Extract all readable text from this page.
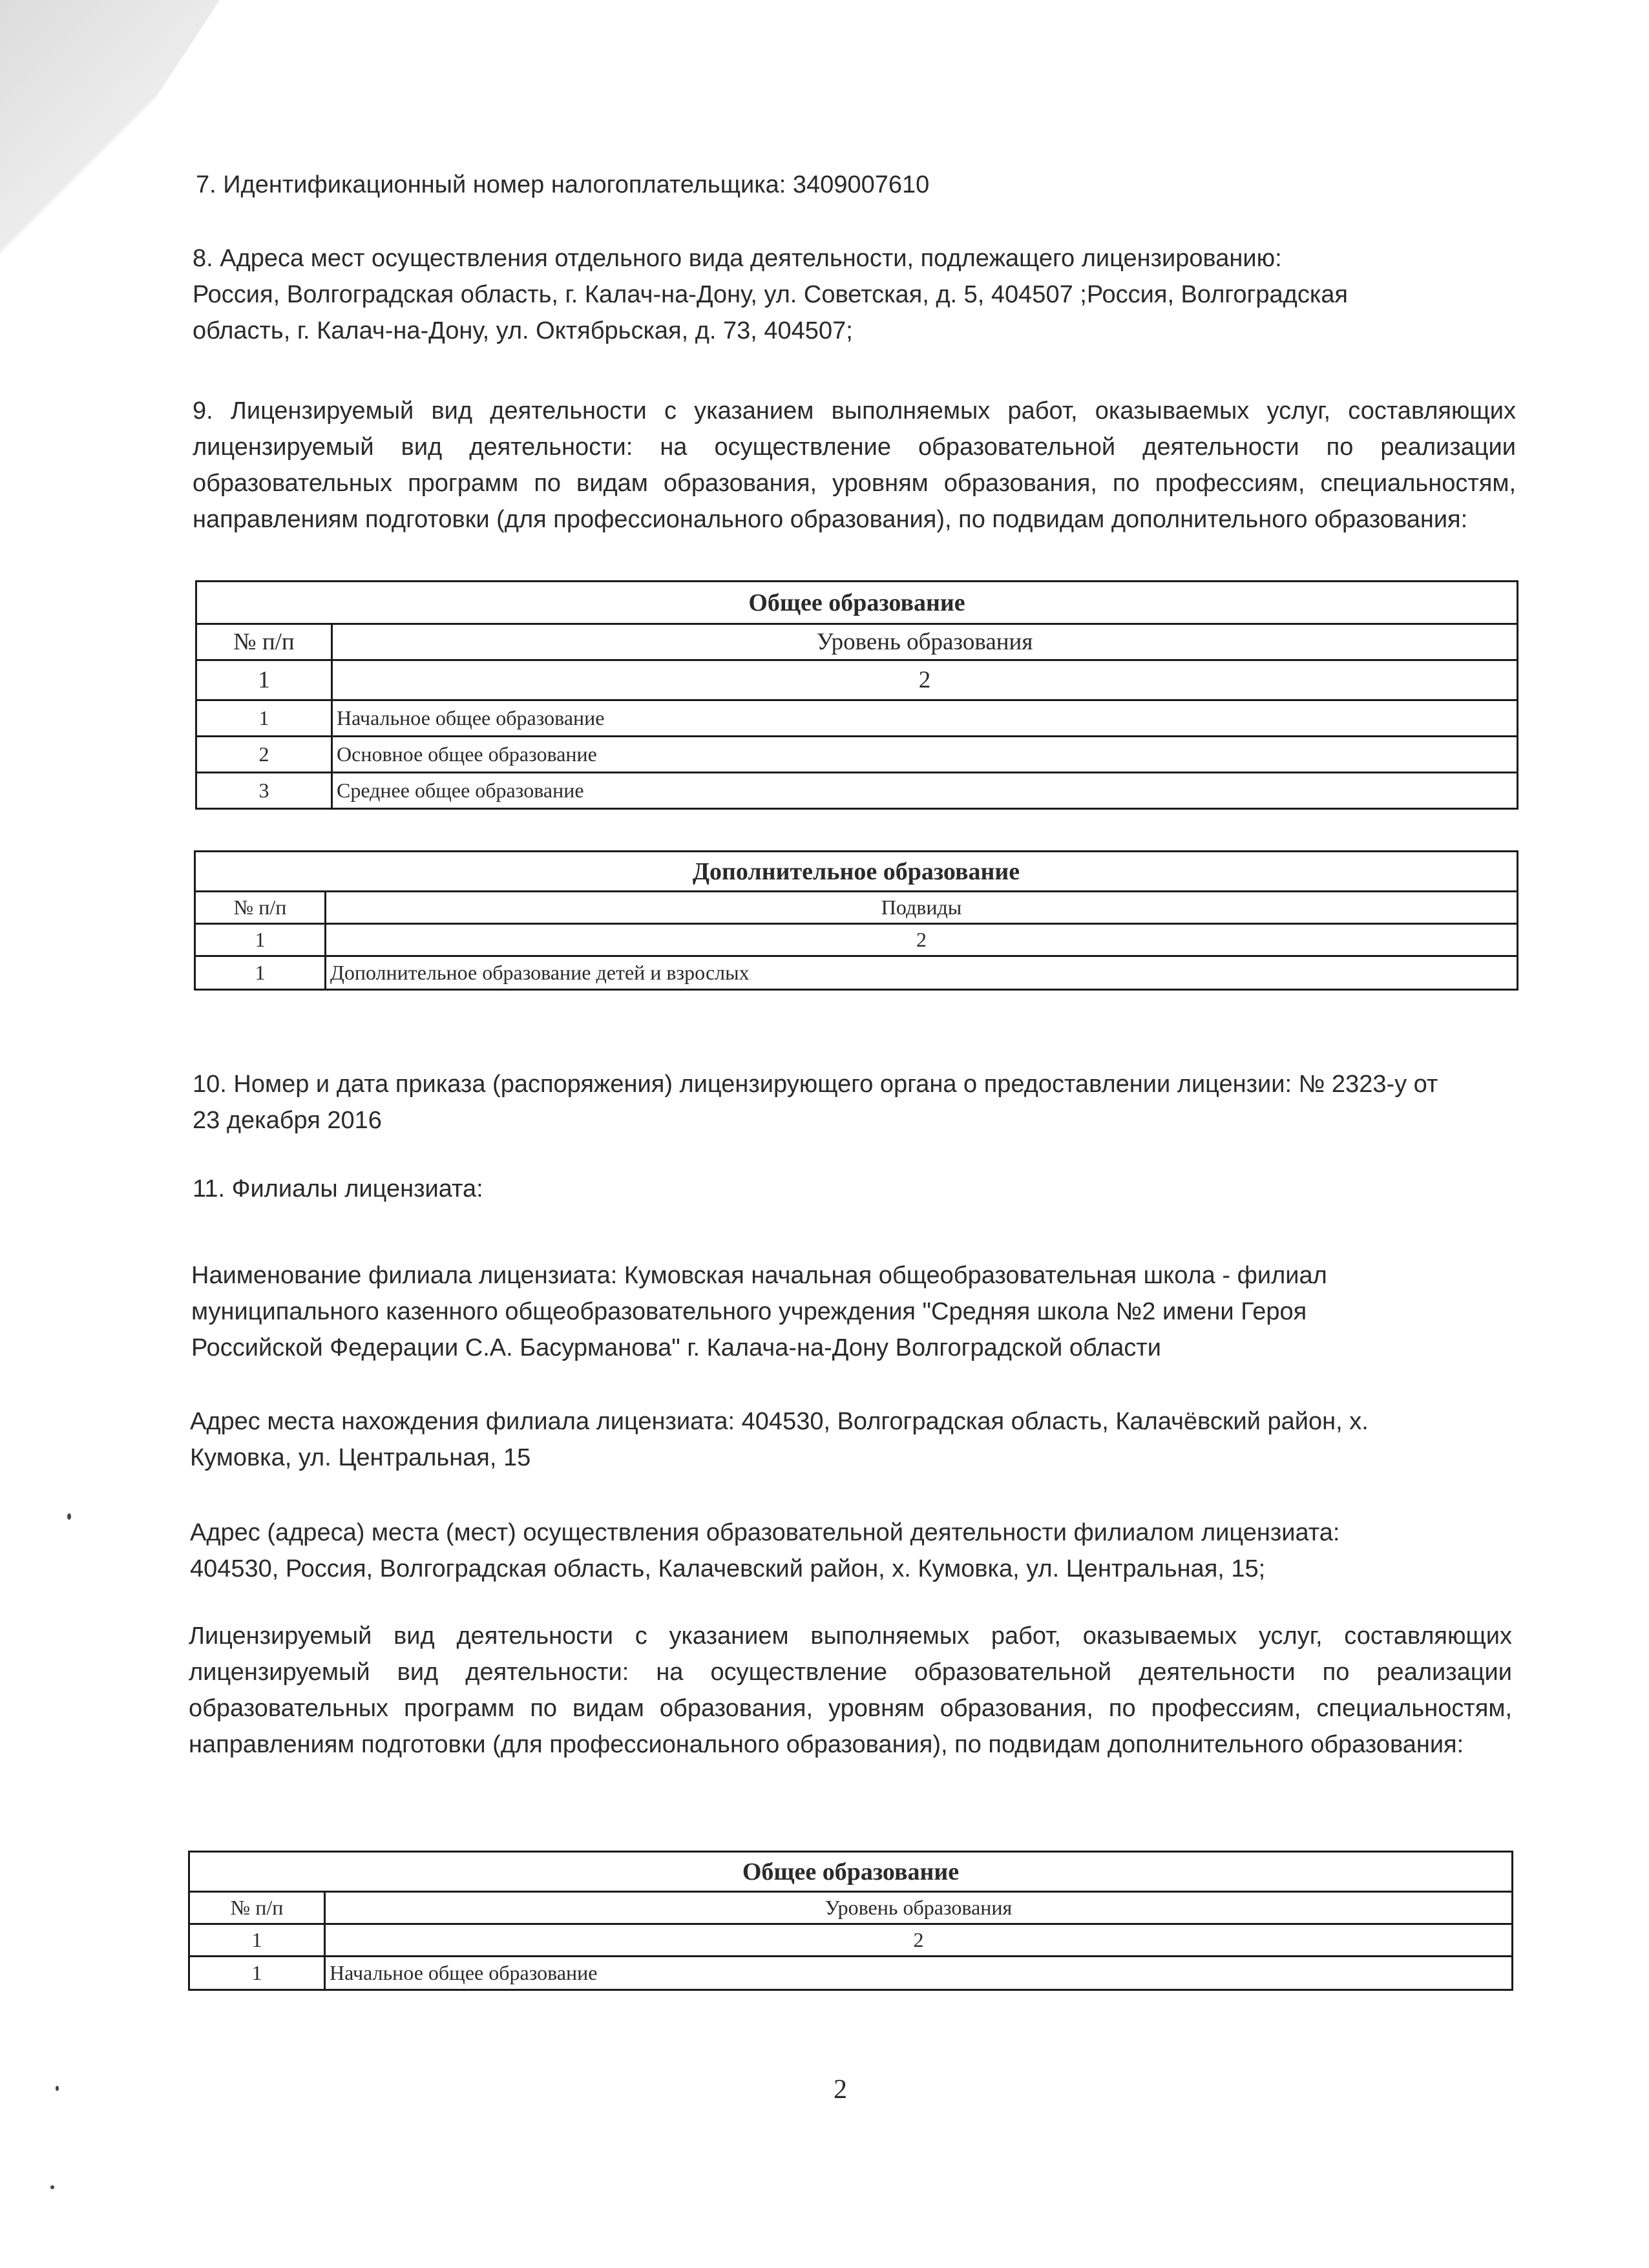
7. Идентификационный номер налогоплательщика: 3409007610
8. Адреса мест осуществления отдельного вида деятельности, подлежащего лицензированию:
Россия, Волгоградская область, г. Калач-на-Дону, ул. Советская, д. 5, 404507 ;Россия, Волгоградская
область, г. Калач-на-Дону, ул. Октябрьская, д. 73, 404507;
9. Лицензируемый вид деятельности с указанием выполняемых работ, оказываемых услуг, составляющих лицензируемый вид деятельности: на осуществление образовательной деятельности по реализации образовательных программ по видам образования, уровням образования, по профессиям, специальностям, направлениям подготовки (для профессионального образования), по подвидам дополнительного образования:
Общее образование	
№ п/п	Уровень образования
1	2
1	Начальное общее образование
2	Основное общее образование
3	Среднее общее образование
Дополнительное образование	
№ п/п	Подвиды
1	2
1	Дополнительное образование детей и взрослых
10. Номер и дата приказа (распоряжения) лицензирующего органа о предоставлении лицензии: № 2323-у от
23 декабря 2016
11. Филиалы лицензиата:
Наименование филиала лицензиата: Кумовская начальная общеобразовательная школа - филиал
муниципального казенного общеобразовательного учреждения "Средняя школа №2 имени Героя
Российской Федерации С.А. Басурманова" г. Калача-на-Дону Волгоградской области
Адрес места нахождения филиала лицензиата: 404530, Волгоградская область, Калачёвский район, х.
Кумовка, ул. Центральная, 15
Адрес (адреса) места (мест) осуществления образовательной деятельности филиалом лицензиата:
404530, Россия, Волгоградская область, Калачевский район, х. Кумовка, ул. Центральная, 15;
Лицензируемый вид деятельности с указанием выполняемых работ, оказываемых услуг, составляющих лицензируемый вид деятельности: на осуществление образовательной деятельности по реализации образовательных программ по видам образования, уровням образования, по профессиям, специальностям, направлениям подготовки (для профессионального образования), по подвидам дополнительного образования:
Общее образование	
№ п/п	Уровень образования
1	2
1	Начальное общее образование
2
